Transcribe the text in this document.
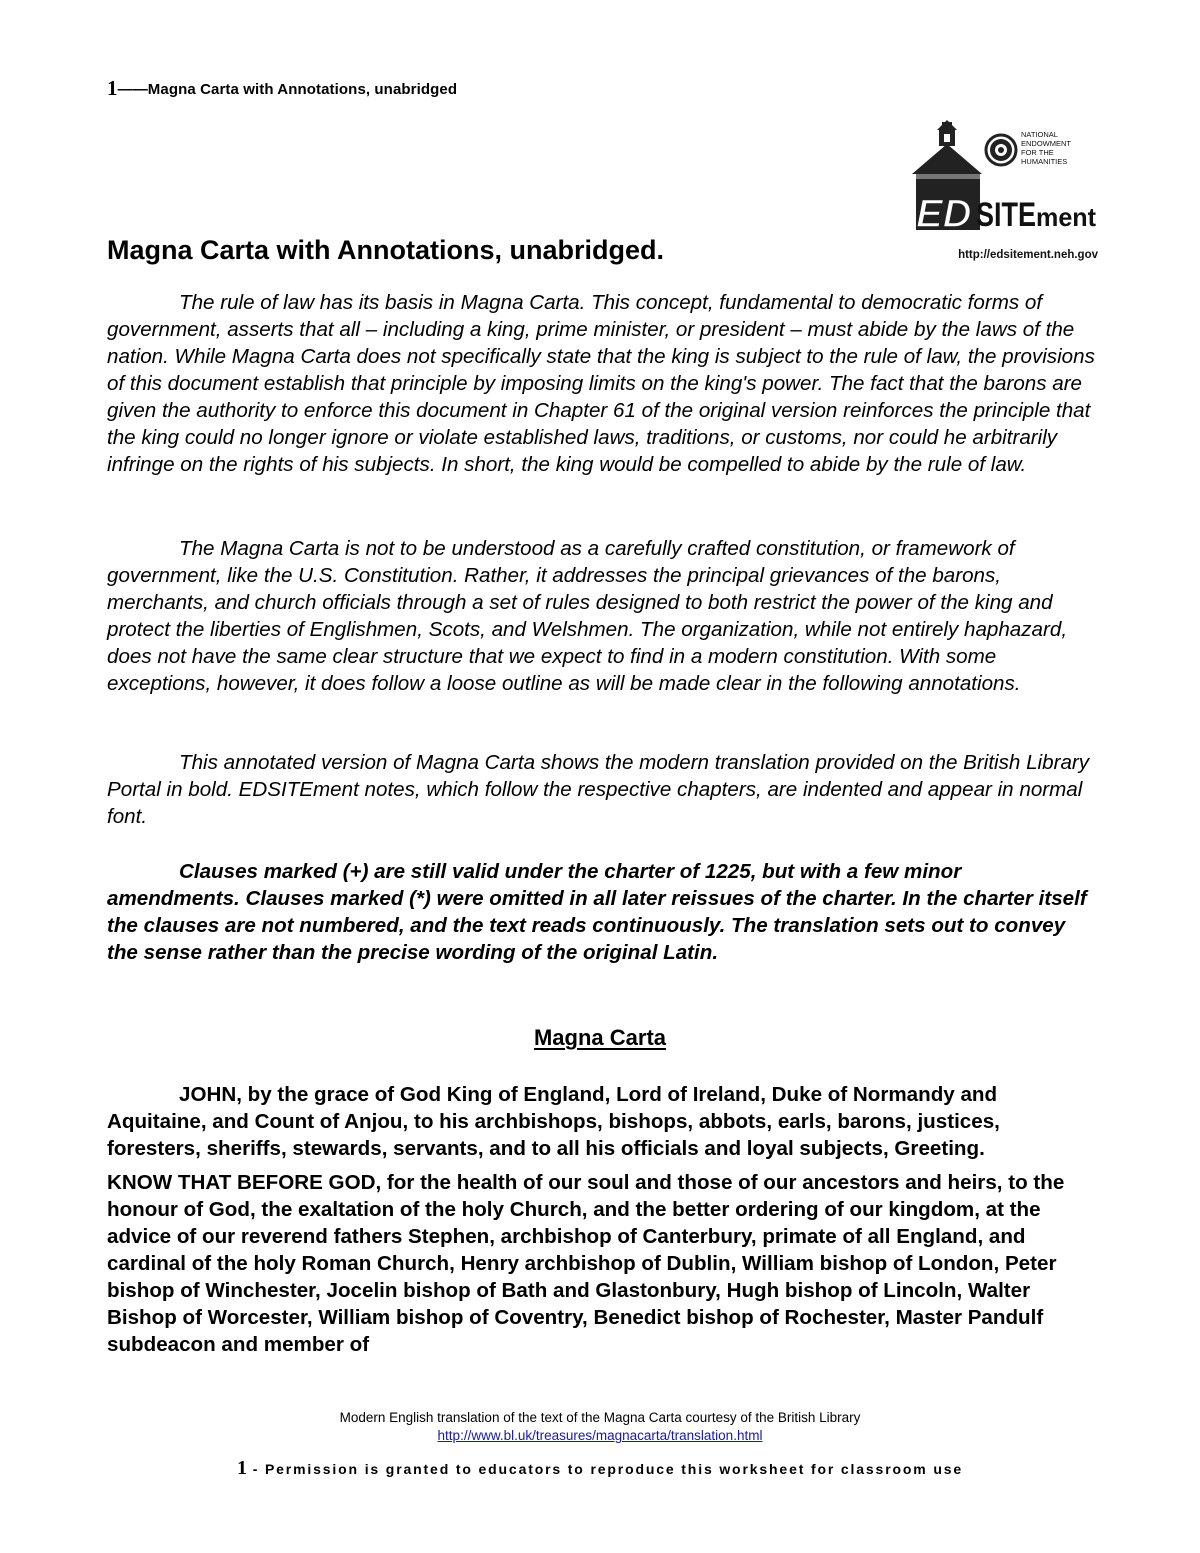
1——Magna Carta with Annotations, unabridged
ED SITE ment
NATIONAL
ENDOWMENT
FOR THE
HUMANITIES
http://edsitement.neh.gov
Magna Carta with Annotations, unabridged.

The rule of law has its basis in Magna Carta. This concept, fundamental to democratic forms of government, asserts that all – including a king, prime minister, or president – must abide by the laws of the nation. While Magna Carta does not specifically state that the king is subject to the rule of law, the provisions of this document establish that principle by imposing limits on the king's power. The fact that the barons are given the authority to enforce this document in Chapter 61 of the original version reinforces the principle that the king could no longer ignore or violate established laws, traditions, or customs, nor could he arbitrarily infringe on the rights of his subjects. In short, the king would be compelled to abide by the rule of law.

The Magna Carta is not to be understood as a carefully crafted constitution, or framework of government, like the U.S. Constitution. Rather, it addresses the principal grievances of the barons, merchants, and church officials through a set of rules designed to both restrict the power of the king and protect the liberties of Englishmen, Scots, and Welshmen. The organization, while not entirely haphazard, does not have the same clear structure that we expect to find in a modern constitution. With some exceptions, however, it does follow a loose outline as will be made clear in the following annotations.

This annotated version of Magna Carta shows the modern translation provided on the British Library Portal in bold. EDSITEment notes, which follow the respective chapters, are indented and appear in normal font.

Clauses marked (+) are still valid under the charter of 1225, but with a few minor amendments. Clauses marked (*) were omitted in all later reissues of the charter. In the charter itself the clauses are not numbered, and the text reads continuously. The translation sets out to convey the sense rather than the precise wording of the original Latin.

Magna Carta

JOHN, by the grace of God King of England, Lord of Ireland, Duke of Normandy and Aquitaine, and Count of Anjou, to his archbishops, bishops, abbots, earls, barons, justices, foresters, sheriffs, stewards, servants, and to all his officials and loyal subjects, Greeting.

KNOW THAT BEFORE GOD, for the health of our soul and those of our ancestors and heirs, to the honour of God, the exaltation of the holy Church, and the better ordering of our kingdom, at the advice of our reverend fathers Stephen, archbishop of Canterbury, primate of all England, and cardinal of the holy Roman Church, Henry archbishop of Dublin, William bishop of London, Peter bishop of Winchester, Jocelin bishop of Bath and Glastonbury, Hugh bishop of Lincoln, Walter Bishop of Worcester, William bishop of Coventry, Benedict bishop of Rochester, Master Pandulf subdeacon and member of

Modern English translation of the text of the Magna Carta courtesy of the British Library
http://www.bl.uk/treasures/magnacarta/translation.html
1 - Permission is granted to educators to reproduce this worksheet for classroom use
